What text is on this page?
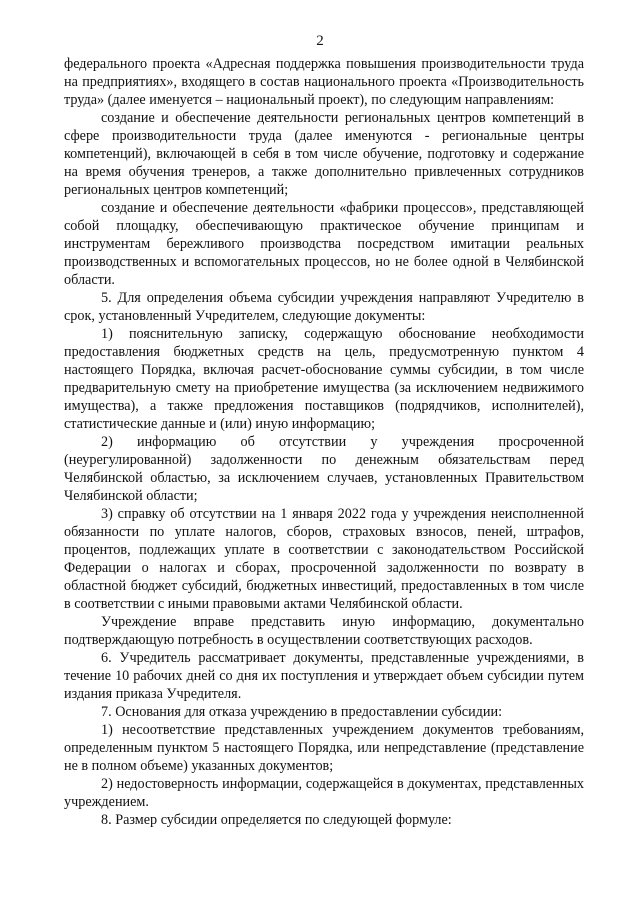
2

федерального проекта «Адресная поддержка повышения производительности труда на предприятиях», входящего в состав национального проекта «Производительность труда» (далее именуется – национальный проект), по следующим направлениям:

создание и обеспечение деятельности региональных центров компетенций в сфере производительности труда (далее именуются - региональные центры компетенций), включающей в себя в том числе обучение, подготовку и содержание на время обучения тренеров, а также дополнительно привлеченных сотрудников региональных центров компетенций;

создание и обеспечение деятельности «фабрики процессов», представляющей собой площадку, обеспечивающую практическое обучение принципам и инструментам бережливого производства посредством имитации реальных производственных и вспомогательных процессов, но не более одной в Челябинской области.

5. Для определения объема субсидии учреждения направляют Учредителю в срок, установленный Учредителем, следующие документы:

1) пояснительную записку, содержащую обоснование необходимости предоставления бюджетных средств на цель, предусмотренную пунктом 4 настоящего Порядка, включая расчет-обоснование суммы субсидии, в том числе предварительную смету на приобретение имущества (за исключением недвижимого имущества), а также предложения поставщиков (подрядчиков, исполнителей), статистические данные и (или) иную информацию;

2) информацию об отсутствии у учреждения просроченной (неурегулированной) задолженности по денежным обязательствам перед Челябинской областью, за исключением случаев, установленных Правительством Челябинской области;

3) справку об отсутствии на 1 января 2022 года у учреждения неисполненной обязанности по уплате налогов, сборов, страховых взносов, пеней, штрафов, процентов, подлежащих уплате в соответствии с законодательством Российской Федерации о налогах и сборах, просроченной задолженности по возврату в областной бюджет субсидий, бюджетных инвестиций, предоставленных в том числе в соответствии с иными правовыми актами Челябинской области.

Учреждение вправе представить иную информацию, документально подтверждающую потребность в осуществлении соответствующих расходов.

6. Учредитель рассматривает документы, представленные учреждениями, в течение 10 рабочих дней со дня их поступления и утверждает объем субсидии путем издания приказа Учредителя.

7. Основания для отказа учреждению в предоставлении субсидии:

1) несоответствие представленных учреждением документов требованиям, определенным пунктом 5 настоящего Порядка, или непредставление (представление не в полном объеме) указанных документов;

2) недостоверность информации, содержащейся в документах, представленных учреждением.

8. Размер субсидии определяется по следующей формуле:
